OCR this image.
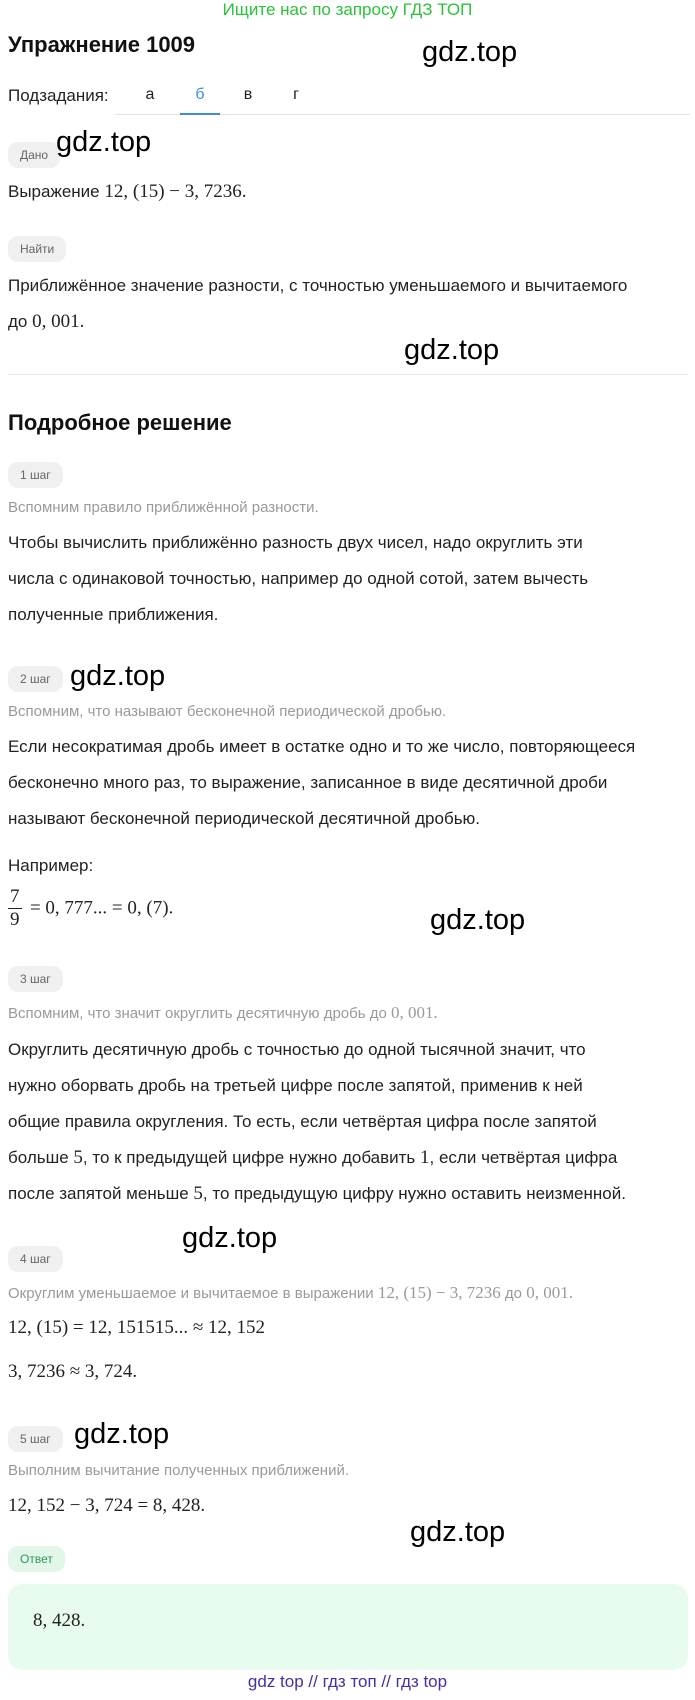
Ищите нас по запросу ГДЗ ТОП
Упражнение 1009	gdz.top
Подзадания:	а	б	в	г
Дано gdz.top
Выражение 12, (15) − 3, 7236.
Найти
Приближённое значение разности, с точностью уменьшаемого и вычитаемого
до 0, 001.
gdz.top
Подробное решение
1 шаг
Вспомним правило приближённой разности.
Чтобы вычислить приближённо разность двух чисел, надо округлить эти
числа с одинаковой точностью, например до одной сотой, затем вычесть
полученные приближения.
2 шаг gdz.top
Вспомним, что называют бесконечной периодической дробью.
Если несократимая дробь имеет в остатке одно и то же число, повторяющееся
бесконечно много раз, то выражение, записанное в виде десятичной дроби
называют бесконечной периодической десятичной дробью.
Например:
$\frac{7}{9} = 0$, 777... = 0, (7).	gdz.top
3 шаг
Вспомним, что значит округлить десятичную дробь до 0, 001.
Округлить десятичную дробь с точностью до одной тысячной значит, что
нужно оборвать дробь на третьей цифре после запятой, применив к ней
общие правила округления. То есть, если четвёртая цифра после запятой
больше 5, то к предыдущей цифре нужно добавить 1, если четвёртая цифра
после запятой меньше 5, то предыдущую цифру нужно оставить неизменной.
gdz.top
4 шаг
Округлим уменьшаемое и вычитаемое в выражении 12, (15) − 3, 7236 до 0, 001.
12, (15) = 12, 151515... ≈ 12, 152
3, 7236 ≈ 3, 724.
5 шаг gdz.top
Выполним вычитание полученных приближений.
12, 152 − 3, 724 = 8, 428.
gdz.top
Ответ
8, 428.
gdz top // гдз топ // гдз top
